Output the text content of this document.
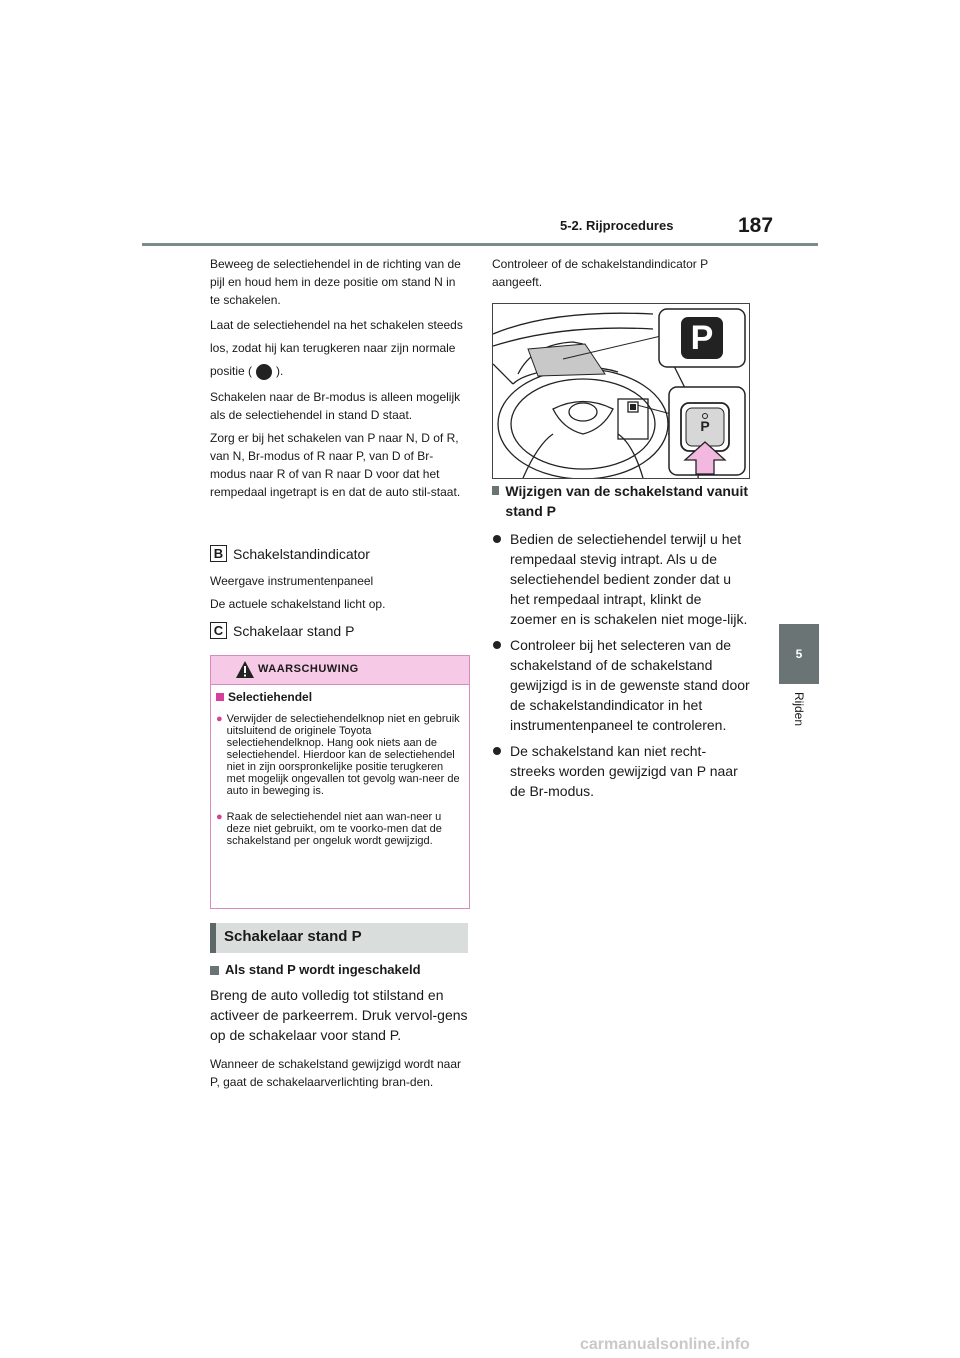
5-2. Rijprocedures	187
5
Rijden

Beweeg de selectiehendel in de richting van de pijl en houd hem in deze positie om stand N in te schakelen.

Laat de selectiehendel na het schakelen steeds los, zodat hij kan terugkeren naar zijn normale positie ( ).

Schakelen naar de Br-modus is alleen mogelijk als de selectiehendel in stand D staat.

Zorg er bij het schakelen van P naar N, D of R, van N, Br-modus of R naar P, van D of Br-modus naar R of van R naar D voor dat het rempedaal ingetrapt is en dat de auto stil-staat.

B Schakelstandindicator

Weergave instrumentenpaneel

De actuele schakelstand licht op.

C Schakelaar stand P
WAARSCHUWING
Selectiehendel
● Verwijder de selectiehendelknop niet en gebruik uitsluitend de originele Toyota selectiehendelknop. Hang ook niets aan de selectiehendel. Hierdoor kan de selectiehendel niet in zijn oorspronkelijke positie terugkeren met mogelijk ongevallen tot gevolg wan-neer de auto in beweging is.
● Raak de selectiehendel niet aan wan-neer u deze niet gebruikt, om te voorko-men dat de schakelstand per ongeluk wordt gewijzigd.
Schakelaar stand P
Als stand P wordt ingeschakeld

Breng de auto volledig tot stilstand en activeer de parkeerrem. Druk vervol-gens op de schakelaar voor stand P.

Wanneer de schakelstand gewijzigd wordt naar P, gaat de schakelaarverlichting bran-den.

Controleer of de schakelstandindicator P aangeeft.
P
P
Wijzigen van de schakelstand vanuit stand P
Bedien de selectiehendel terwijl u het rempedaal stevig intrapt. Als u de selectiehendel bedient zonder dat u het rempedaal intrapt, klinkt de zoemer en is schakelen niet moge-lijk.
Controleer bij het selecteren van de schakelstand of de schakelstand gewijzigd is in de gewenste stand door de schakelstandindicator in het instrumentenpaneel te controleren.
De schakelstand kan niet recht-streeks worden gewijzigd van P naar de Br-modus.
carmanualsonline.info
